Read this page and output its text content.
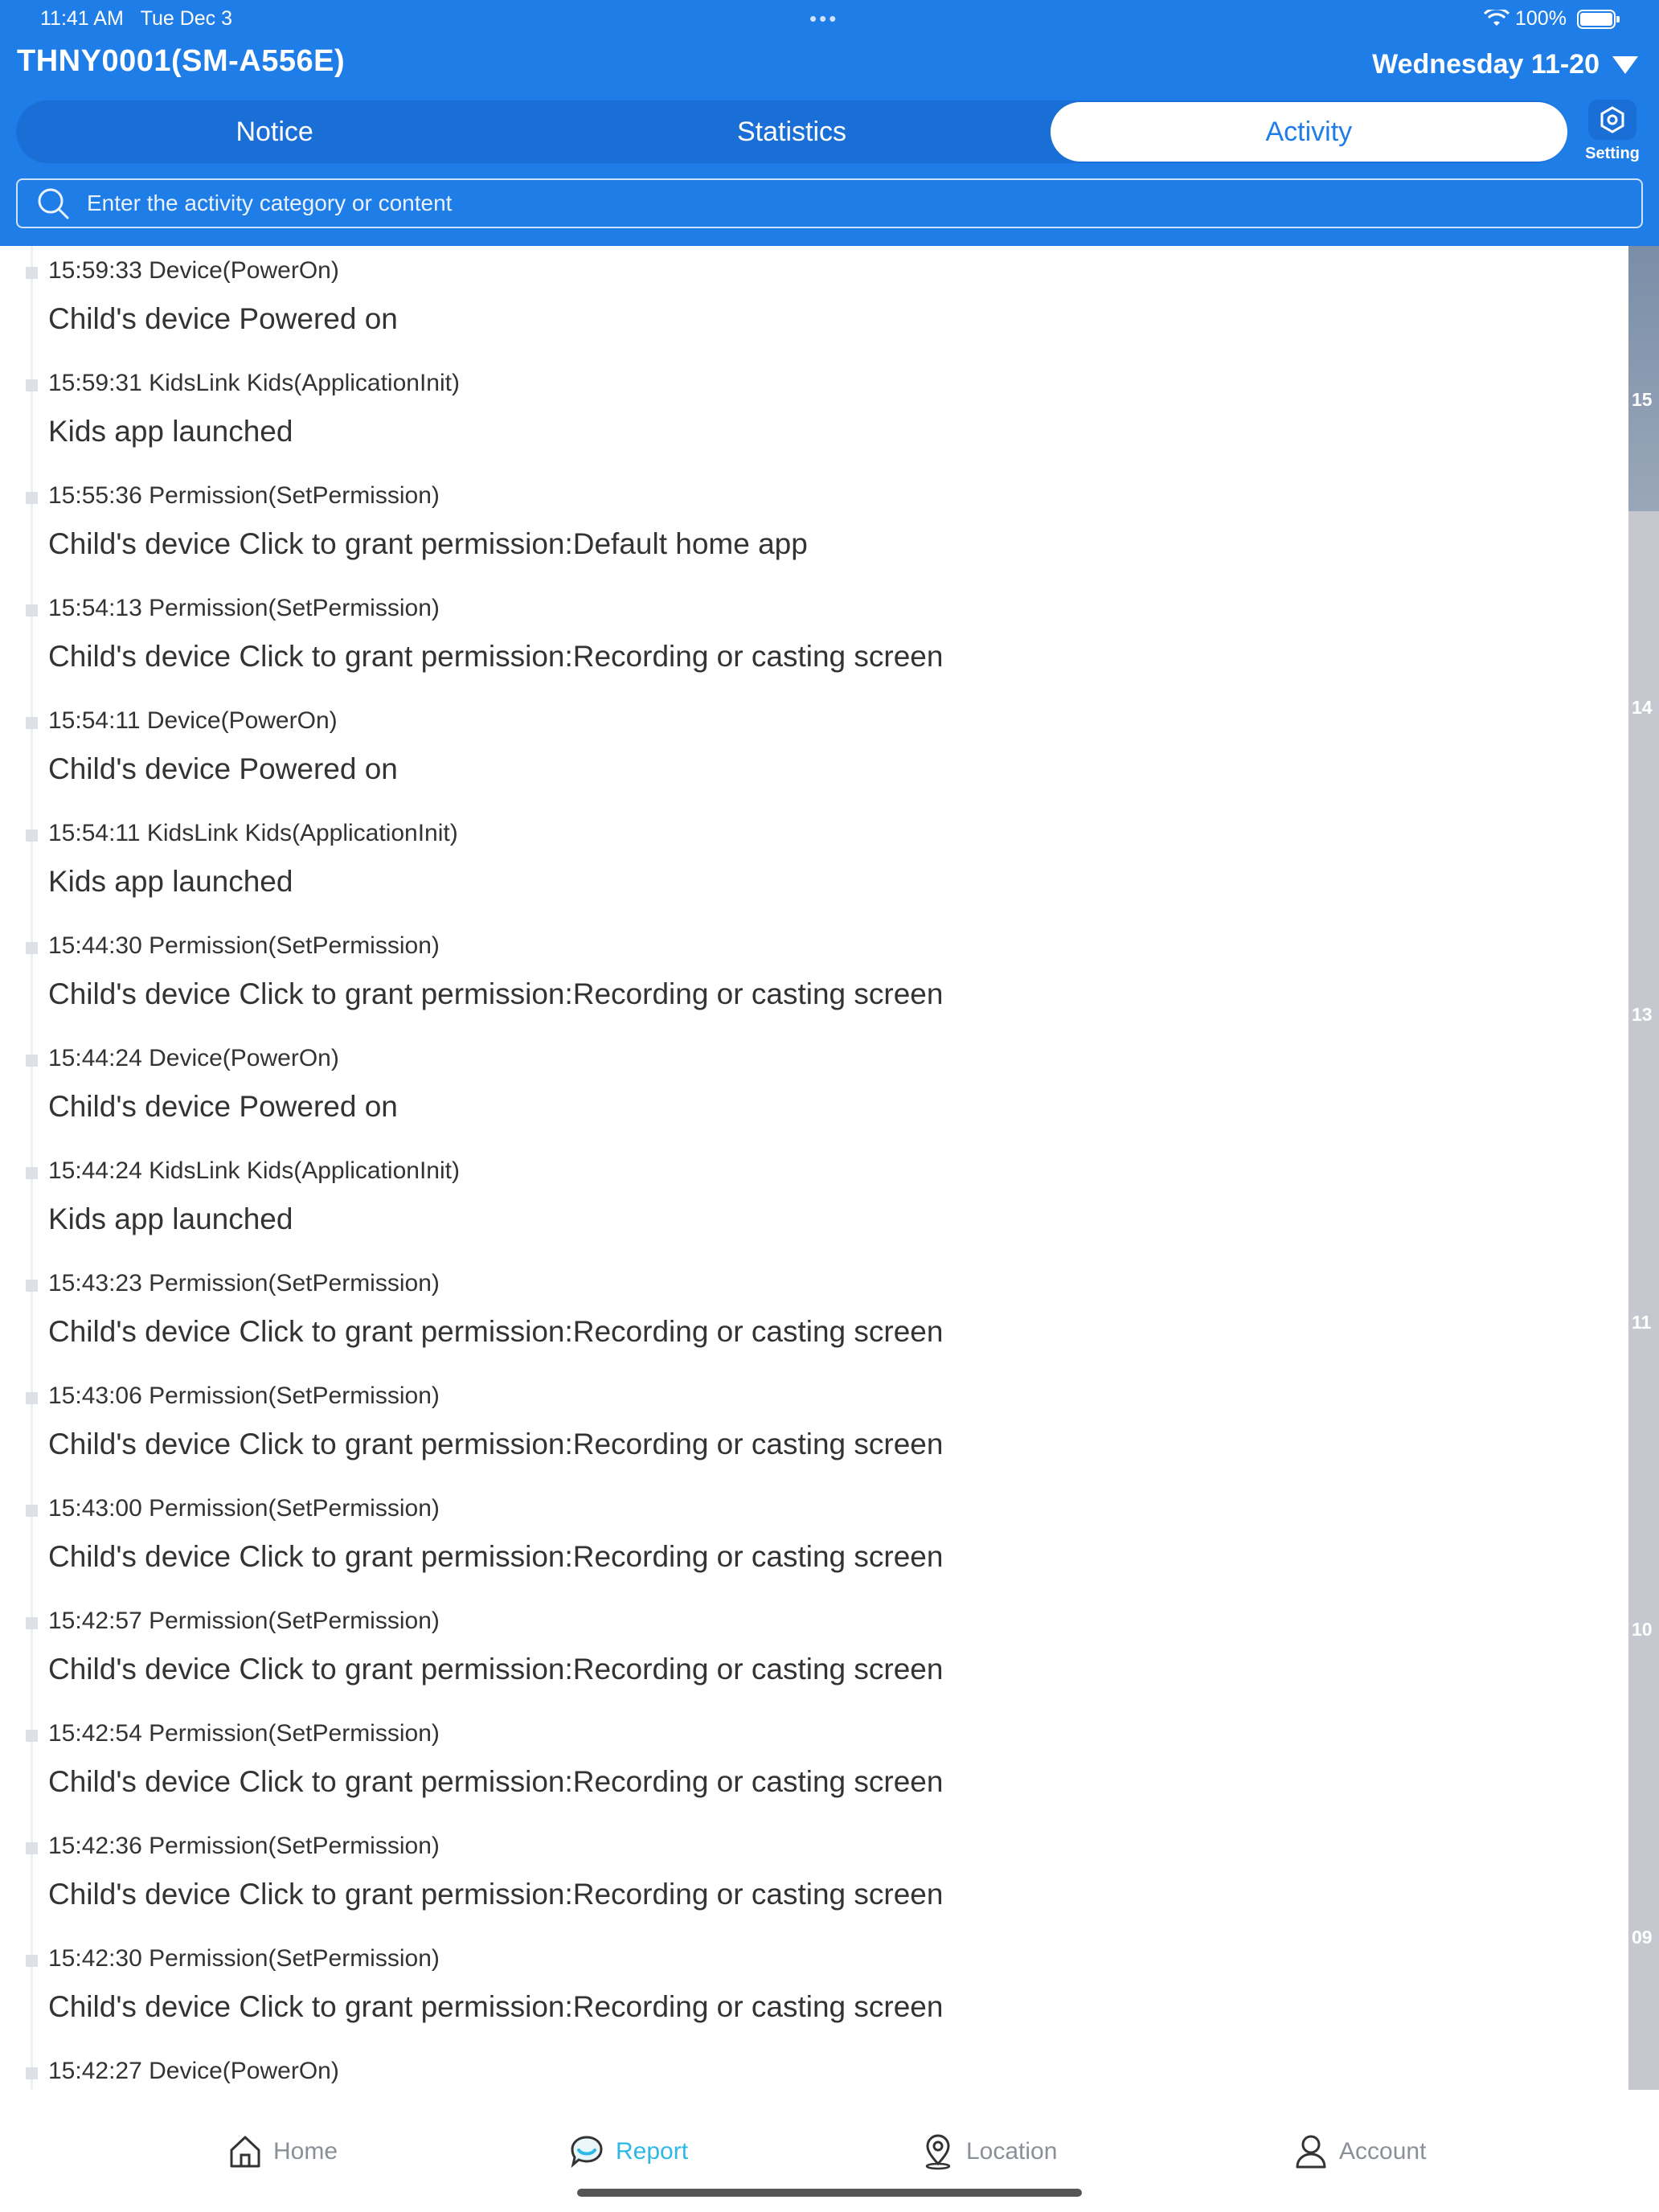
11:41 AM Tue Dec 3	•••	100%
THNY0001(SM-A556E)	Wednesday 11-20
Notice	Statistics	Activity
Setting
Enter the activity category or content
15:59:33 Device(PowerOn)
Child's device Powered on
15:59:31 KidsLink Kids(ApplicationInit)
Kids app launched
15:55:36 Permission(SetPermission)
Child's device Click to grant permission:Default home app
15:54:13 Permission(SetPermission)
Child's device Click to grant permission:Recording or casting screen
15:54:11 Device(PowerOn)
Child's device Powered on
15:54:11 KidsLink Kids(ApplicationInit)
Kids app launched
15:44:30 Permission(SetPermission)
Child's device Click to grant permission:Recording or casting screen
15:44:24 Device(PowerOn)
Child's device Powered on
15:44:24 KidsLink Kids(ApplicationInit)
Kids app launched
15:43:23 Permission(SetPermission)
Child's device Click to grant permission:Recording or casting screen
15:43:06 Permission(SetPermission)
Child's device Click to grant permission:Recording or casting screen
15:43:00 Permission(SetPermission)
Child's device Click to grant permission:Recording or casting screen
15:42:57 Permission(SetPermission)
Child's device Click to grant permission:Recording or casting screen
15:42:54 Permission(SetPermission)
Child's device Click to grant permission:Recording or casting screen
15:42:36 Permission(SetPermission)
Child's device Click to grant permission:Recording or casting screen
15:42:30 Permission(SetPermission)
Child's device Click to grant permission:Recording or casting screen
15:42:27 Device(PowerOn)
15
14
13
11
10
09
Home	Report	Location	Account
